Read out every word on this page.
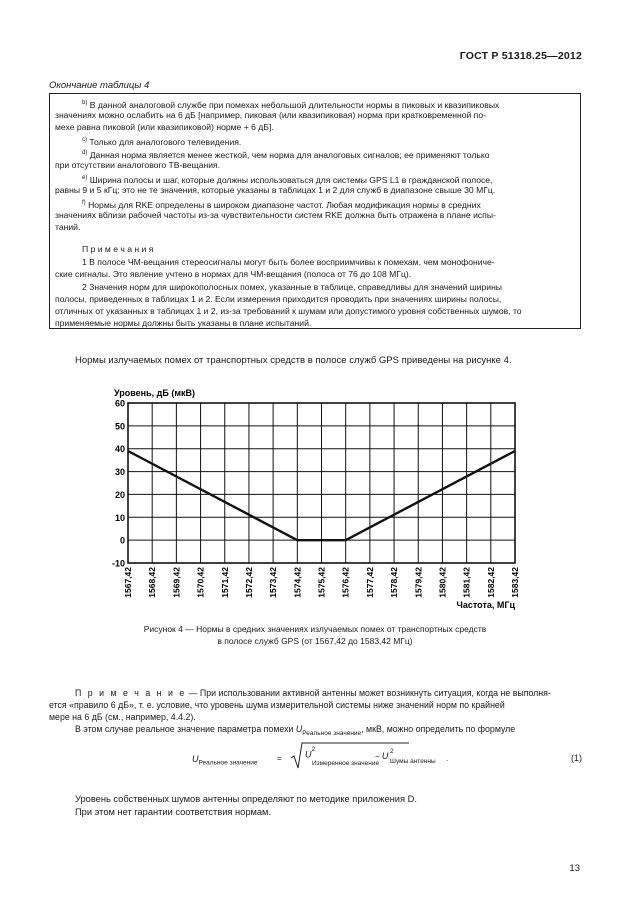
ГОСТ Р 51318.25—2012
Окончание таблицы 4
$^{b)}$ В данной аналоговой службе при помехах небольшой длительности нормы в пиковых и квазипиковых
значениях можно ослабить на 6 дБ [например, пиковая (или квазипиковая) норма при кратковременной по-
мехе равна пиковой (или квазипиковой) норме + 6 дБ].
$^{c)}$ Только для аналогового телевидения.
$^{d)}$ Данная норма является менее жесткой, чем норма для аналоговых сигналов; ее применяют только
при отсутствии аналогового ТВ-вещания.
$^{e)}$ Ширина полосы и шаг, которые должны использоваться для системы GPS L1 в гражданской полосе,
равны 9 и 5 кГц; это не те значения, которые указаны в таблицах 1 и 2 для служб в диапазоне свыше 30 МГц.
$^{f)}$ Нормы для RKE определены в широком диапазоне частот. Любая модификация нормы в средних
значениях вблизи рабочей частоты из-за чувствительности систем RKE должна быть отражена в плане испы-
таний.
П р и м е ч а н и я
1 В полосе ЧМ-вещания стереосигналы могут быть более восприимчивы к помехам, чем монофониче-
ские сигналы. Это явление учтено в нормах для ЧМ-вещания (полоса от 76 до 108 МГц).
2 Значения норм для широкополосных помех, указанные в таблице, справедливы для значений ширины
полосы, приведенных в таблицах 1 и 2. Если измерения приходится проводить при значениях ширины полосы,
отличных от указанных в таблицах 1 и 2, из-за требований к шумам или допустимого уровня собственных шумов, то
применяемые нормы должны быть указаны в плане испытаний.
Нормы излучаемых помех от транспортных средств в полосе служб GPS приведены на рисунке 4.
-10
0
10
20
30
40
50
60
1567,42 1568,42 1569,42 1570,42 1571,42 1572,42 1573,42 1574,42 1575,42 1576,42 1577,42 1578,42 1579,42 1580,42 1581,42 1582,42 1583,42
Уровень, дБ (мкВ)
Частота, МГц
Рисунок 4 — Нормы в средних значениях излучаемых помех от транспортных средств
в полосе служб GPS (от 1567,42 до 1583,42 МГц)
П р и м е ч а н и е — При использовании активной антенны может возникнуть ситуация, когда не выполня-
ется «правило 6 дБ», т. е. условие, что уровень шума измерительной системы ниже значений норм по крайней
мере на 6 дБ (см., например, 4.4.2).
В этом случае реальное значение параметра помехи $U_{Реальное значение}$, мкВ, можно определить по формуле
$U_{Реальное значение}$
=	$U^2$
Измеренное значение
− U 2
Шумы антенны .	(1)
Уровень собственных шумов антенны определяют по методике приложения D.
При этом нет гарантии соответствия нормам.
13
